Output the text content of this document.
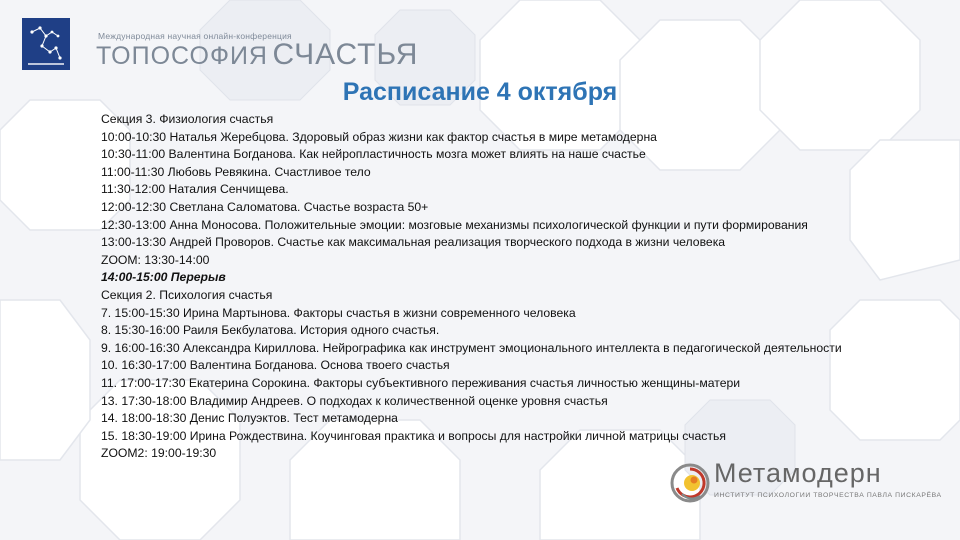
Международная научная онлайн-конференция
ТОПОСОФИЯ СЧАСТЬЯ
Расписание 4 октября
Секция 3. Физиология счастья
10:00-10:30 Наталья Жеребцова. Здоровый образ жизни как фактор счастья в мире метамодерна
10:30-11:00 Валентина Богданова. Как нейропластичность мозга может влиять на наше счастье
11:00-11:30 Любовь Ревякина. Счастливое тело
11:30-12:00 Наталия Сенчищева.
12:00-12:30 Светлана Саломатова. Счастье возраста 50+
12:30-13:00 Анна Моносова. Положительные эмоции: мозговые механизмы психологической функции и пути формирования
13:00-13:30 Андрей Проворов. Счастье как максимальная реализация творческого подхода в жизни человека
ZOOM: 13:30-14:00
14:00-15:00 Перерыв
Секция 2. Психология счастья
7. 15:00-15:30 Ирина Мартынова. Факторы счастья в жизни современного человека
8. 15:30-16:00 Раиля Бекбулатова. История одного счастья.
9. 16:00-16:30 Александра Кириллова. Нейрографика как инструмент эмоционального интеллекта в педагогической деятельности
10. 16:30-17:00 Валентина Богданова. Основа твоего счастья
11. 17:00-17:30 Екатерина Сорокина. Факторы субъективного переживания счастья личностью женщины-матери
13. 17:30-18:00 Владимир Андреев. О подходах к количественной оценке уровня счастья
14. 18:00-18:30 Денис Полуэктов. Тест метамодерна
15. 18:30-19:00 Ирина Рождествина. Коучинговая практика и вопросы для настройки личной матрицы счастья
ZOOM2: 19:00-19:30
Метамодерн
ИНСТИТУТ ПСИХОЛОГИИ ТВОРЧЕСТВА ПАВЛА ПИСКАРЁВА
